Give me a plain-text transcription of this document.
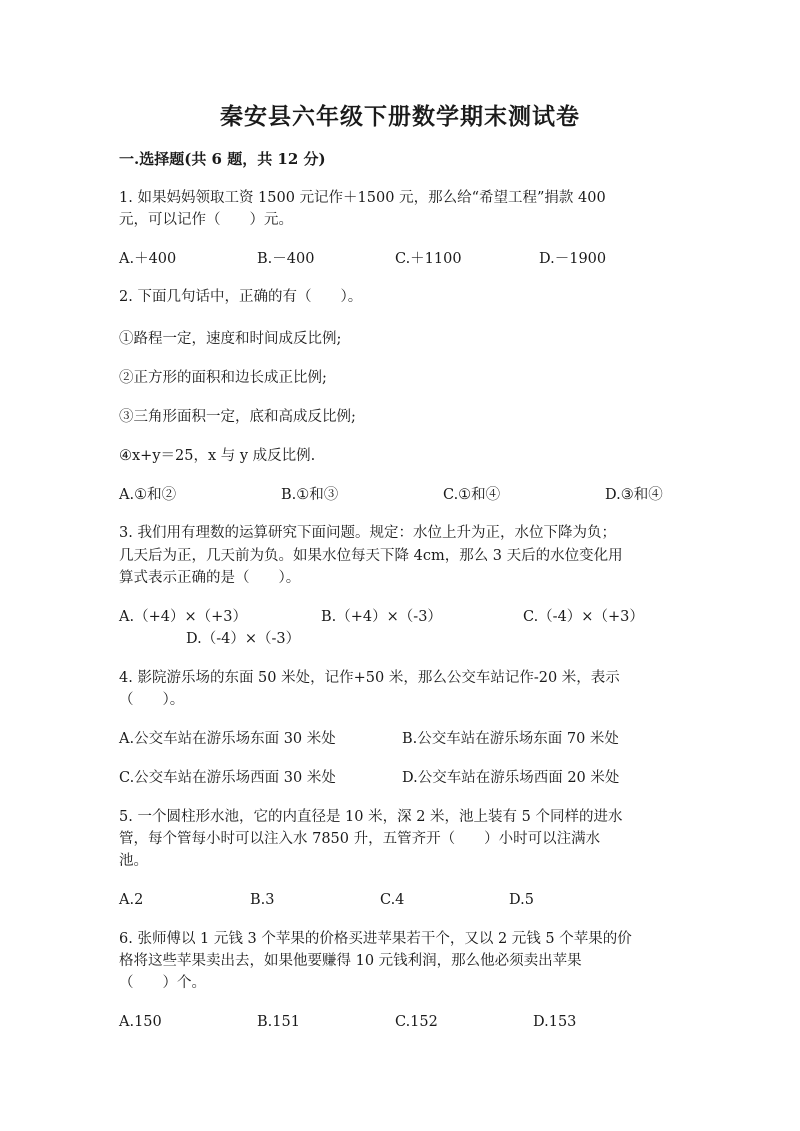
秦安县六年级下册数学期末测试卷
一.选择题(共 6 题，共 12 分)
1. 如果妈妈领取工资 1500 元记作＋1500 元，那么给“希望工程”捐款 400
元，可以记作（　　）元。
A.＋400	B.－400	C.＋1100	D.－1900
2. 下面几句话中，正确的有（　　）。
①路程一定，速度和时间成反比例;
②正方形的面积和边长成正比例;
③三角形面积一定，底和高成反比例;
④x+y＝25，x 与 y 成反比例.
A.①和②	B.①和③	C.①和④	D.③和④
3. 我们用有理数的运算研究下面问题。规定：水位上升为正，水位下降为负；
几天后为正，几天前为负。如果水位每天下降 4cm，那么 3 天后的水位变化用
算式表示正确的是（　　）。
A.（+4）×（+3）	B.（+4）×（-3）	C.（-4）×（+3）
D.（-4）×（-3）
4. 影院游乐场的东面 50 米处，记作+50 米，那么公交车站记作-20 米，表示
（　　）。
A.公交车站在游乐场东面 30 米处	B.公交车站在游乐场东面 70 米处
C.公交车站在游乐场西面 30 米处	D.公交车站在游乐场西面 20 米处
5. 一个圆柱形水池，它的内直径是 10 米，深 2 米，池上装有 5 个同样的进水
管，每个管每小时可以注入水 7850 升，五管齐开（　　）小时可以注满水
池。
A.2	B.3	C.4	D.5
6. 张师傅以 1 元钱 3 个苹果的价格买进苹果若干个，又以 2 元钱 5 个苹果的价
格将这些苹果卖出去，如果他要赚得 10 元钱利润，那么他必须卖出苹果
（　　）个。
A.150	B.151	C.152	D.153
